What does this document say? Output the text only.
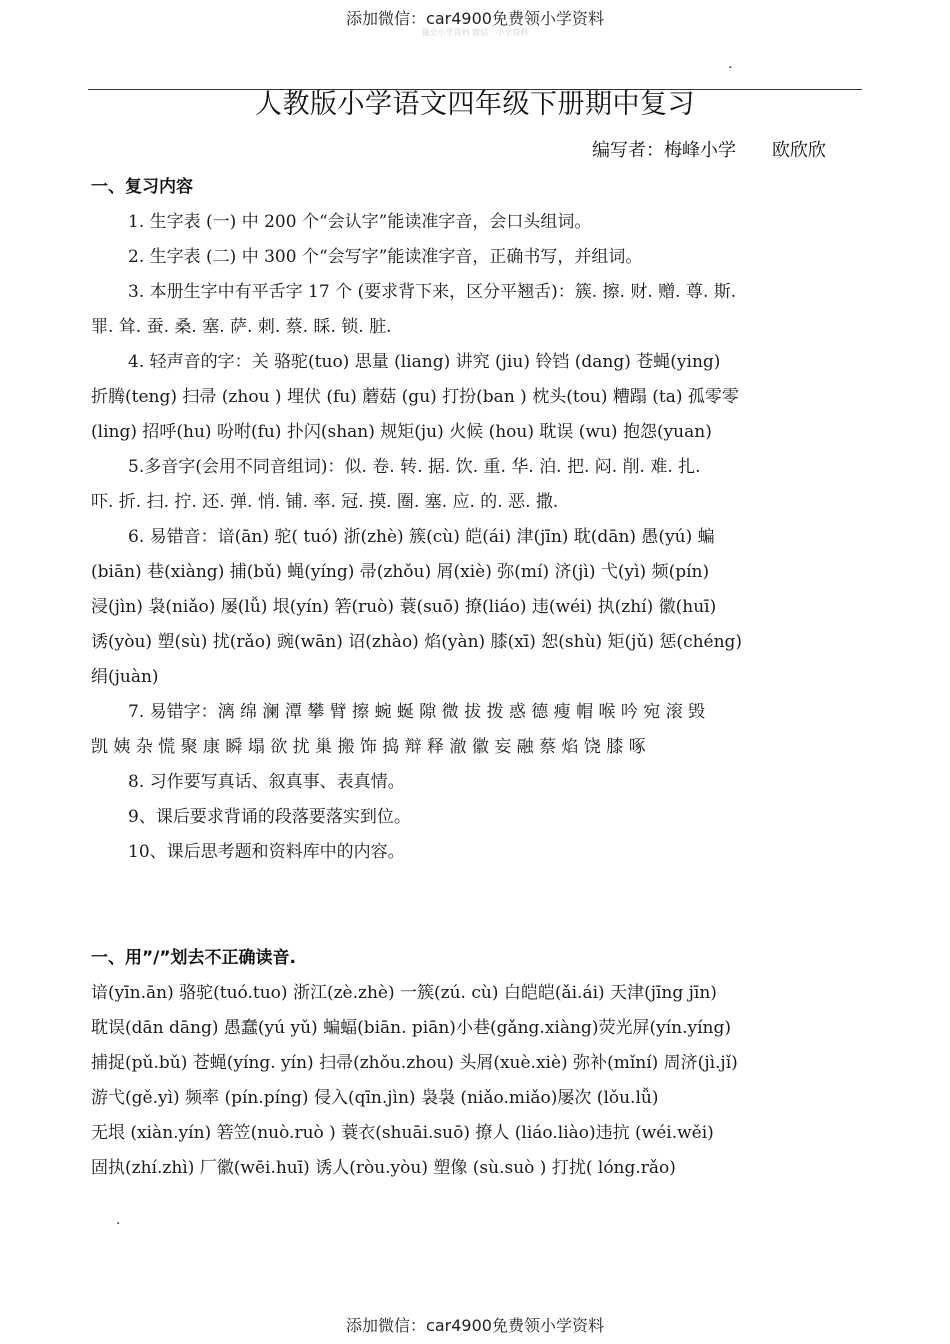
添加微信：car4900免费领小学资料
最全小学资料 微信：小学资料
.
人教版小学语文四年级下册期中复习
编写者：梅峰小学 欧欣欣
一、复习内容
1. 生字表 (一) 中 200 个“会认字”能读准字音，会口头组词。
2. 生字表 (二) 中 300 个“会写字”能读准字音，正确书写，并组词。
3. 本册生字中有平舌字 17 个 (要求背下来，区分平翘舌)：簇. 擦. 财. 赠. 尊. 斯.
罪. 耸. 蚕. 桑. 塞. 萨. 刺. 蔡. 睬. 锁. 脏.
4. 轻声音的字：关 骆驼(tuo) 思量 (liang) 讲究 (jiu) 铃铛 (dang) 苍蝇(ying)
折腾(teng) 扫帚 (zhou ) 埋伏 (fu) 蘑菇 (gu) 打扮(ban ) 枕头(tou) 糟蹋 (ta) 孤零零
(ling) 招呼(hu) 吩咐(fu) 扑闪(shan) 规矩(ju) 火候 (hou) 耽误 (wu) 抱怨(yuan)
5.多音字(会用不同音组词)：似. 卷. 转. 据. 饮. 重. 华. 泊. 把. 闷. 削. 难. 扎.
吓. 折. 扫. 拧. 还. 弹. 悄. 铺. 率. 冠. 摸. 圈. 塞. 应. 的. 恶. 撒.
6. 易错音：谙(ān) 驼( tuó) 浙(zhè) 簇(cù) 皑(ái) 津(jīn) 耽(dān) 愚(yú) 蝙
(biān) 巷(xiàng) 捕(bǔ) 蝇(yíng) 帚(zhǒu) 屑(xiè) 弥(mí) 济(jì) 弋(yì) 频(pín)
浸(jìn) 袅(niǎo) 屡(lǚ) 垠(yín) 箬(ruò) 蓑(suō) 撩(liáo) 违(wéi) 执(zhí) 徽(huī)
诱(yòu) 塑(sù) 扰(rǎo) 豌(wān) 诏(zhào) 焰(yàn) 膝(xī) 恕(shù) 矩(jǔ) 惩(chéng)
绢(juàn)
7. 易错字：漓 绵 澜 潭 攀 臂 擦 蜿 蜒 隙 微 拔 拨 惑 德 瘦 帽 喉 吟 宛 滚 毁
凯 姨 杂 慌 聚 康 瞬 塌 欲 扰 巢 搬 饰 捣 辩 释 澈 徽 妄 融 蔡 焰 饶 膝 啄
8. 习作要写真话、叙真事、表真情。
9、课后要求背诵的段落要落实到位。
10、课后思考题和资料库中的内容。
一、用”/”划去不正确读音.
谙(yīn.ān) 骆驼(tuó.tuo) 浙江(zè.zhè) 一簇(zú. cù) 白皑皑(ǎi.ái) 天津(jīng jīn)
耽误(dān dāng) 愚蠢(yú yǔ) 蝙蝠(biān. piān)小巷(gǎng.xiàng)荧光屏(yín.yíng)
捕捉(pǔ.bǔ) 苍蝇(yíng. yín) 扫帚(zhǒu.zhou) 头屑(xuè.xiè) 弥补(mǐní) 周济(jì.jǐ)
游弋(gě.yì) 频率 (pín.píng) 侵入(qīn.jìn) 袅袅 (niǎo.miǎo)屡次 (lǒu.lǚ)
无垠 (xiàn.yín) 箬笠(nuò.ruò ) 蓑衣(shuāi.suō) 撩人 (liáo.liào)违抗 (wéi.wěi)
固执(zhí.zhì) 厂徽(wēi.huī) 诱人(ròu.yòu) 塑像 (sù.suò ) 打扰( lóng.rǎo)
.
添加微信：car4900免费领小学资料
